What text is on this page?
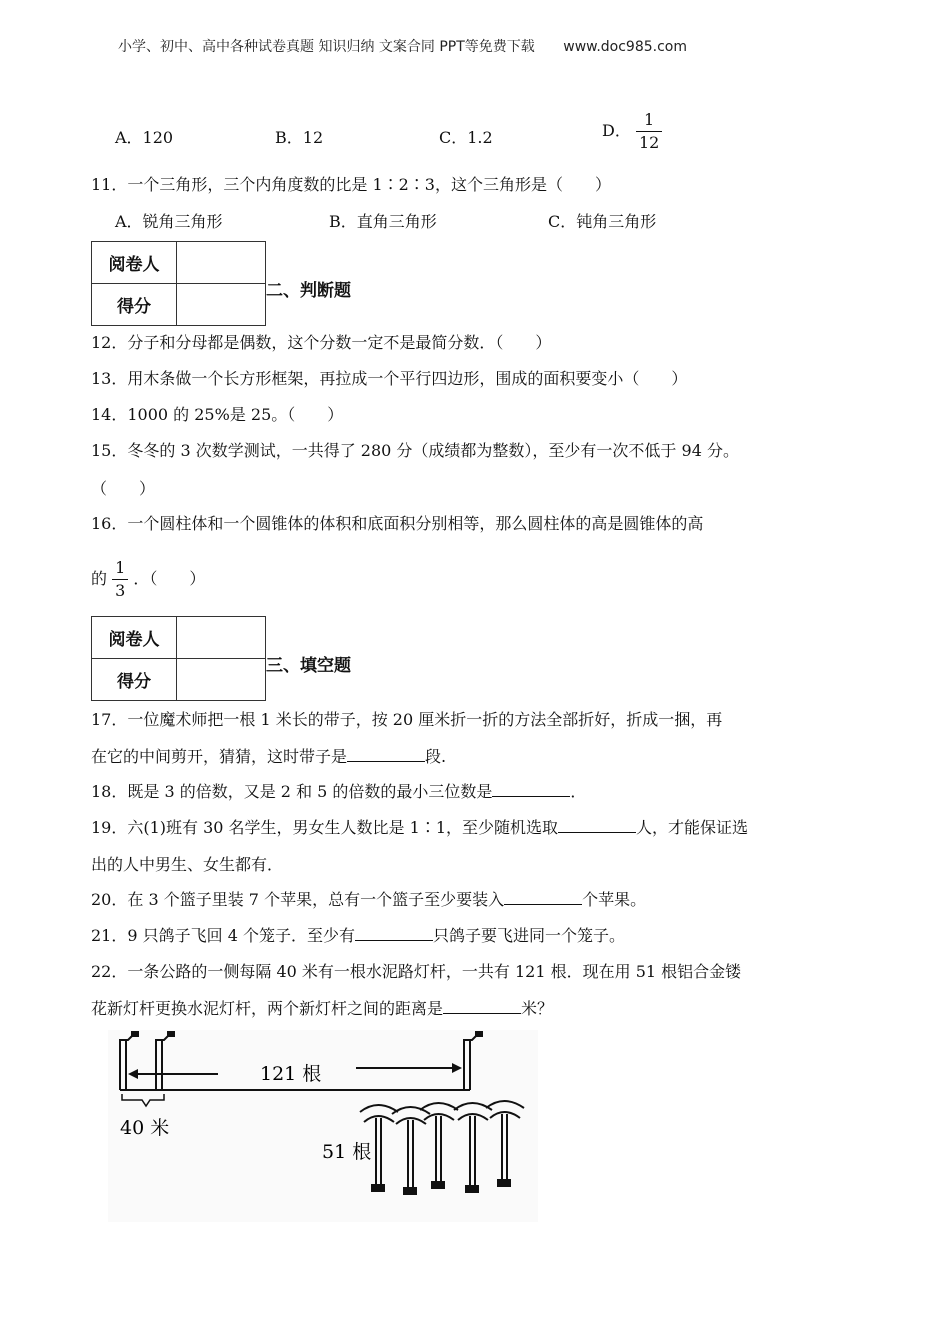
小学、初中、高中各种试卷真题 知识归纳 文案合同 PPT等免费下载 www.doc985.com
A．120	B．12	C．1.2	D． $\frac{1}{12}$
11．一个三角形，三个内角度数的比是 1∶2∶3，这个三角形是（　　）
A．锐角三角形	B．直角三角形	C．钝角三角形
阅卷人	
得分	
二、判断题
12．分子和分母都是偶数，这个分数一定不是最简分数．（　　）
13．用木条做一个长方形框架，再拉成一个平行四边形，围成的面积要变小（　　）
14．1000 的 25%是 25。（　　）
15．冬冬的 3 次数学测试，一共得了 280 分（成绩都为整数），至少有一次不低于 94 分。
（　　）
16．一个圆柱体和一个圆锥体的体积和底面积分别相等，那么圆柱体的高是圆锥体的高
的 $\frac{1}{3}$ ．（　　）
阅卷人	
得分	
三、填空题
17．一位魔术师把一根 1 米长的带子，按 20 厘米折一折的方法全部折好，折成一捆，再
在它的中间剪开，猜猜，这时带子是	段.
18．既是 3 的倍数，又是 2 和 5 的倍数的最小三位数是	．
19．六(1)班有 30 名学生，男女生人数比是 1∶1，至少随机选取	人，才能保证选
出的人中男生、女生都有．
20．在 3 个篮子里装 7 个苹果，总有一个篮子至少要装入	个苹果。
21．9 只鸽子飞回 4 个笼子．至少有	只鸽子要飞进同一个笼子。
22．一条公路的一侧每隔 40 米有一根水泥路灯杆，一共有 121 根．现在用 51 根铝合金镂
花新灯杆更换水泥灯杆，两个新灯杆之间的距离是	米？
121 根
40 米
51 根
